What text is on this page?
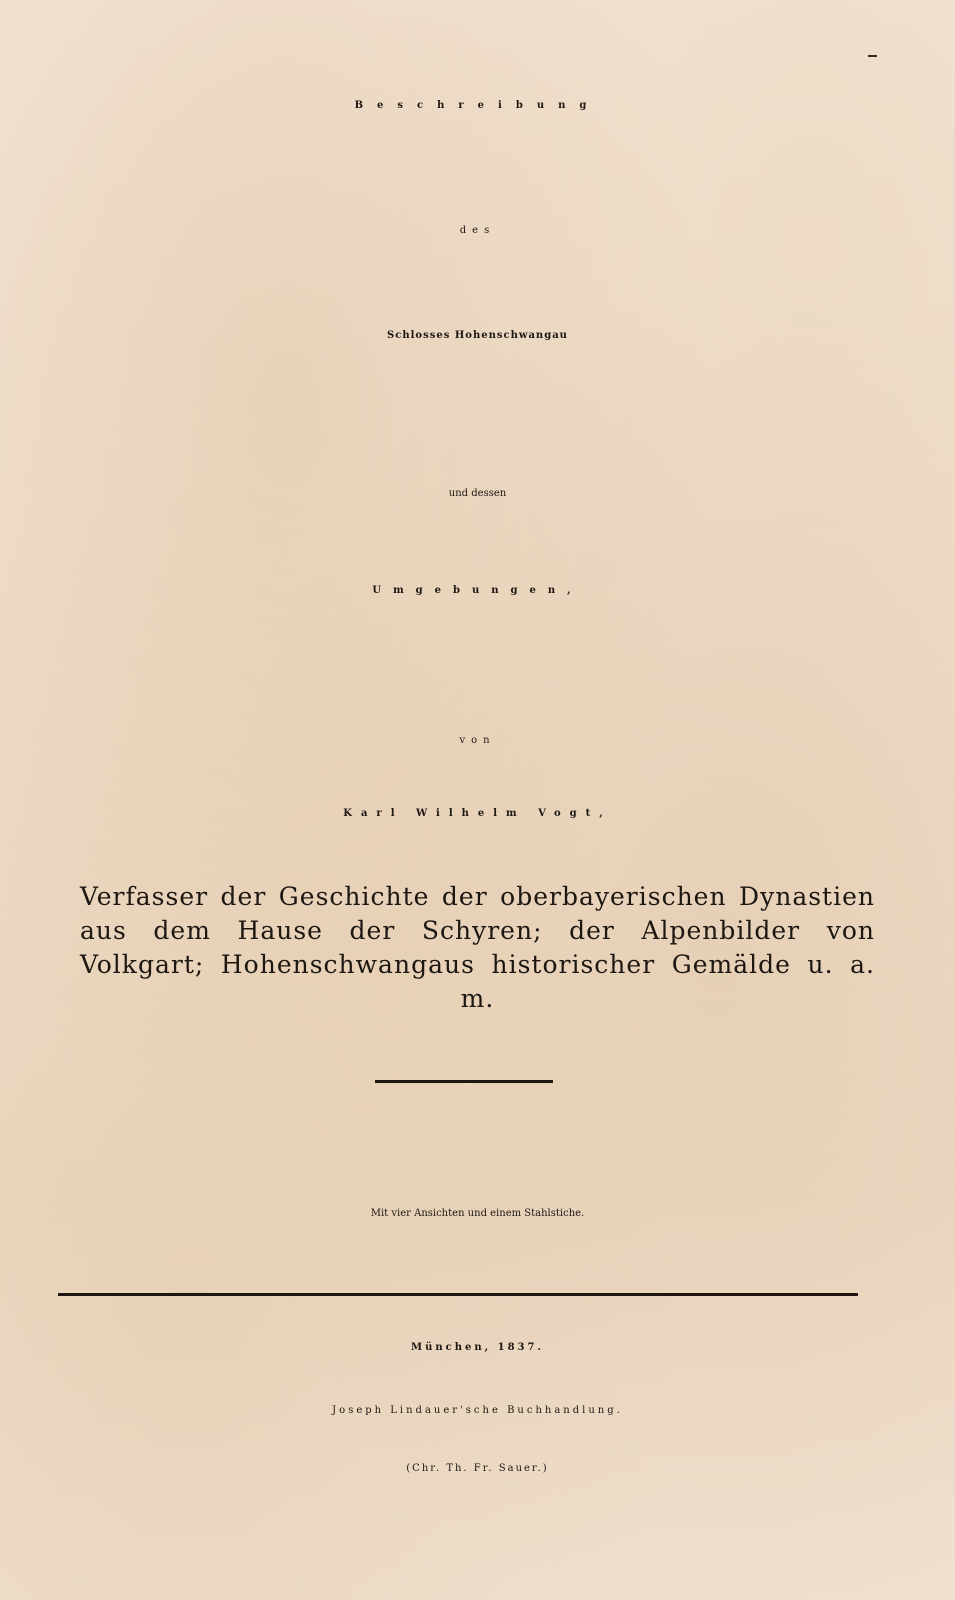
Beschreibung
des
Schlosses Hohenschwangau
und dessen
Umgebungen,
von
Karl Wilhelm Vogt,
Verfasser der Geschichte der oberbayerischen Dynastien aus dem Hause der Schyren; der Alpenbilder von Volkgart; Hohenschwangaus historischer Gemälde u. a. m.
Mit vier Ansichten und einem Stahlstiche.
München, 1837.
Joseph Lindauer'sche Buchhandlung.
(Chr. Th. Fr. Sauer.)
